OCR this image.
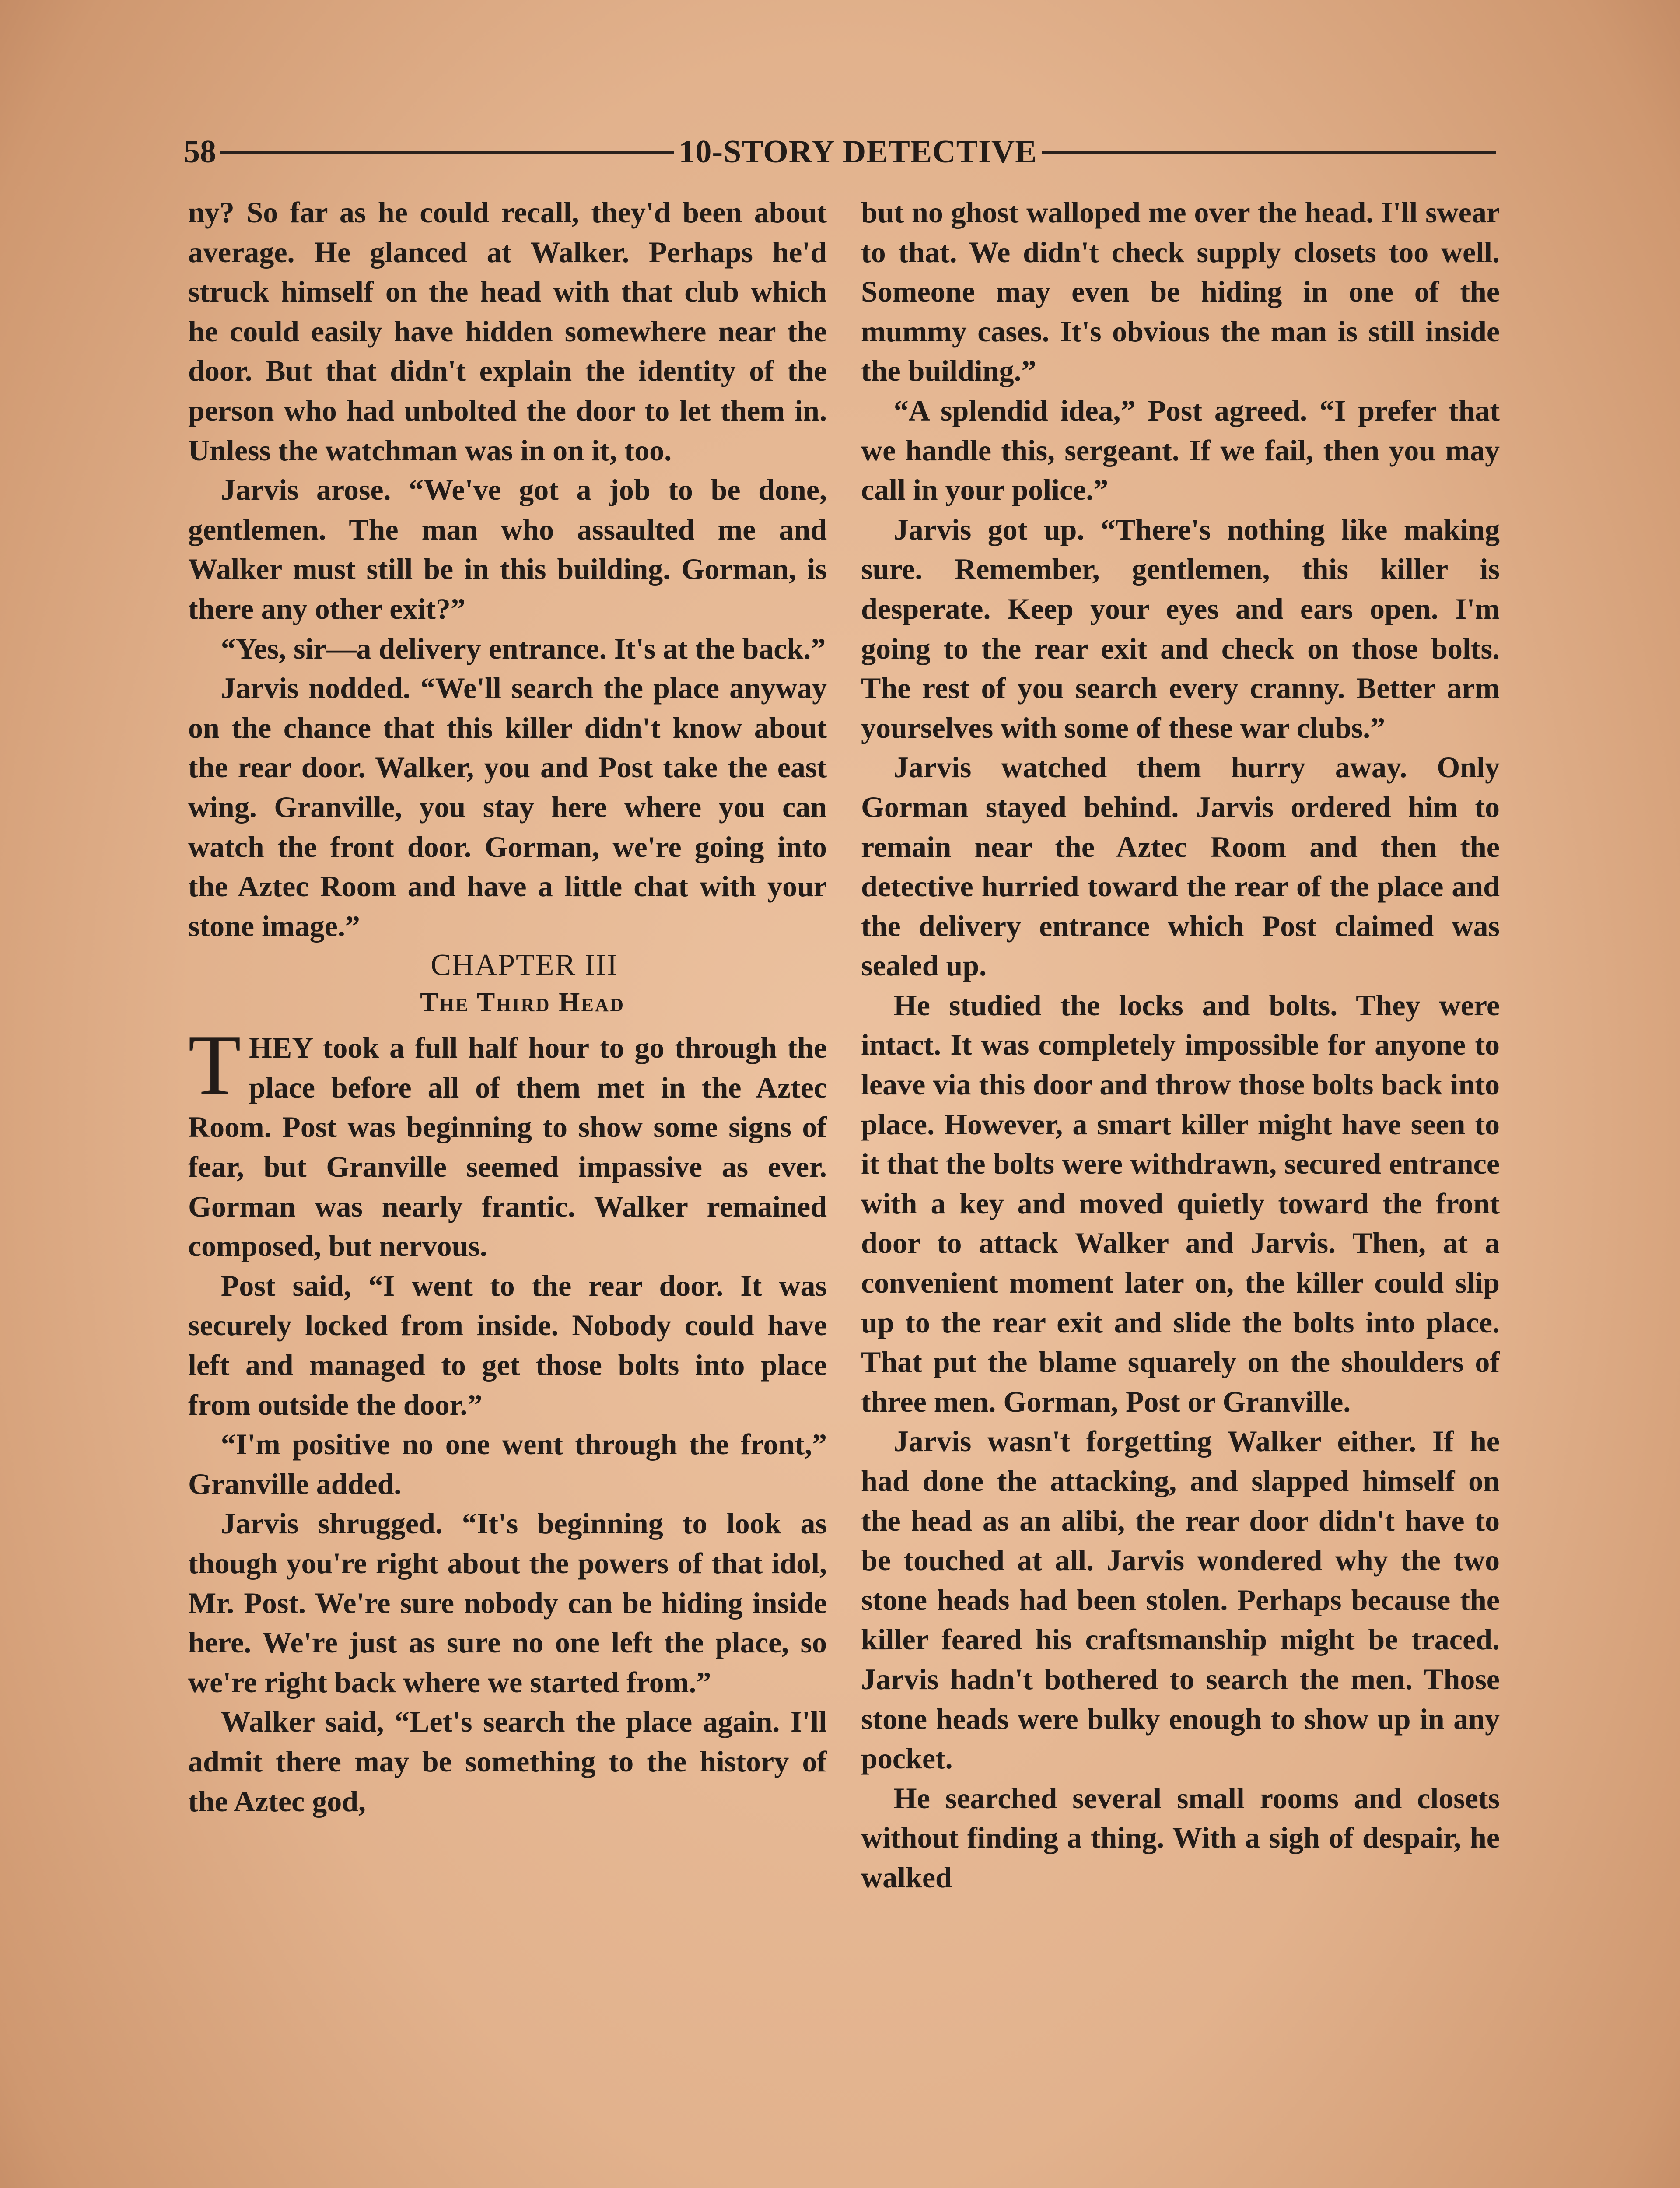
58	10-STORY DETECTIVE

ny? So far as he could recall, they'd been about average. He glanced at Walker. Perhaps he'd struck himself on the head with that club which he could easily have hidden somewhere near the door. But that didn't explain the identity of the person who had unbolted the door to let them in. Unless the watchman was in on it, too.

Jarvis arose. “We've got a job to be done, gentlemen. The man who assaulted me and Walker must still be in this building. Gorman, is there any other exit?”

“Yes, sir—a delivery entrance. It's at the back.”

Jarvis nodded. “We'll search the place anyway on the chance that this killer didn't know about the rear door. Walker, you and Post take the east wing. Granville, you stay here where you can watch the front door. Gorman, we're going into the Aztec Room and have a little chat with your stone image.”

CHAPTER III

The Third Head

THEY took a full half hour to go through the place before all of them met in the Aztec Room. Post was beginning to show some signs of fear, but Granville seemed impassive as ever. Gorman was nearly frantic. Walker remained composed, but nervous.

Post said, “I went to the rear door. It was securely locked from inside. Nobody could have left and managed to get those bolts into place from outside the door.”

“I'm positive no one went through the front,” Granville added.

Jarvis shrugged. “It's beginning to look as though you're right about the powers of that idol, Mr. Post. We're sure nobody can be hiding inside here. We're just as sure no one left the place, so we're right back where we started from.”

Walker said, “Let's search the place again. I'll admit there may be something to the history of the Aztec god,

but no ghost walloped me over the head. I'll swear to that. We didn't check supply closets too well. Someone may even be hiding in one of the mummy cases. It's obvious the man is still inside the building.”

“A splendid idea,” Post agreed. “I prefer that we handle this, sergeant. If we fail, then you may call in your police.”

Jarvis got up. “There's nothing like making sure. Remember, gentlemen, this killer is desperate. Keep your eyes and ears open. I'm going to the rear exit and check on those bolts. The rest of you search every cranny. Better arm yourselves with some of these war clubs.”

Jarvis watched them hurry away. Only Gorman stayed behind. Jarvis ordered him to remain near the Aztec Room and then the detective hurried toward the rear of the place and the delivery entrance which Post claimed was sealed up.

He studied the locks and bolts. They were intact. It was completely impossible for anyone to leave via this door and throw those bolts back into place. However, a smart killer might have seen to it that the bolts were withdrawn, secured entrance with a key and moved quietly toward the front door to attack Walker and Jarvis. Then, at a convenient moment later on, the killer could slip up to the rear exit and slide the bolts into place. That put the blame squarely on the shoulders of three men. Gorman, Post or Granville.

Jarvis wasn't forgetting Walker either. If he had done the attacking, and slapped himself on the head as an alibi, the rear door didn't have to be touched at all. Jarvis wondered why the two stone heads had been stolen. Perhaps because the killer feared his craftsmanship might be traced. Jarvis hadn't bothered to search the men. Those stone heads were bulky enough to show up in any pocket.

He searched several small rooms and closets without finding a thing. With a sigh of despair, he walked
